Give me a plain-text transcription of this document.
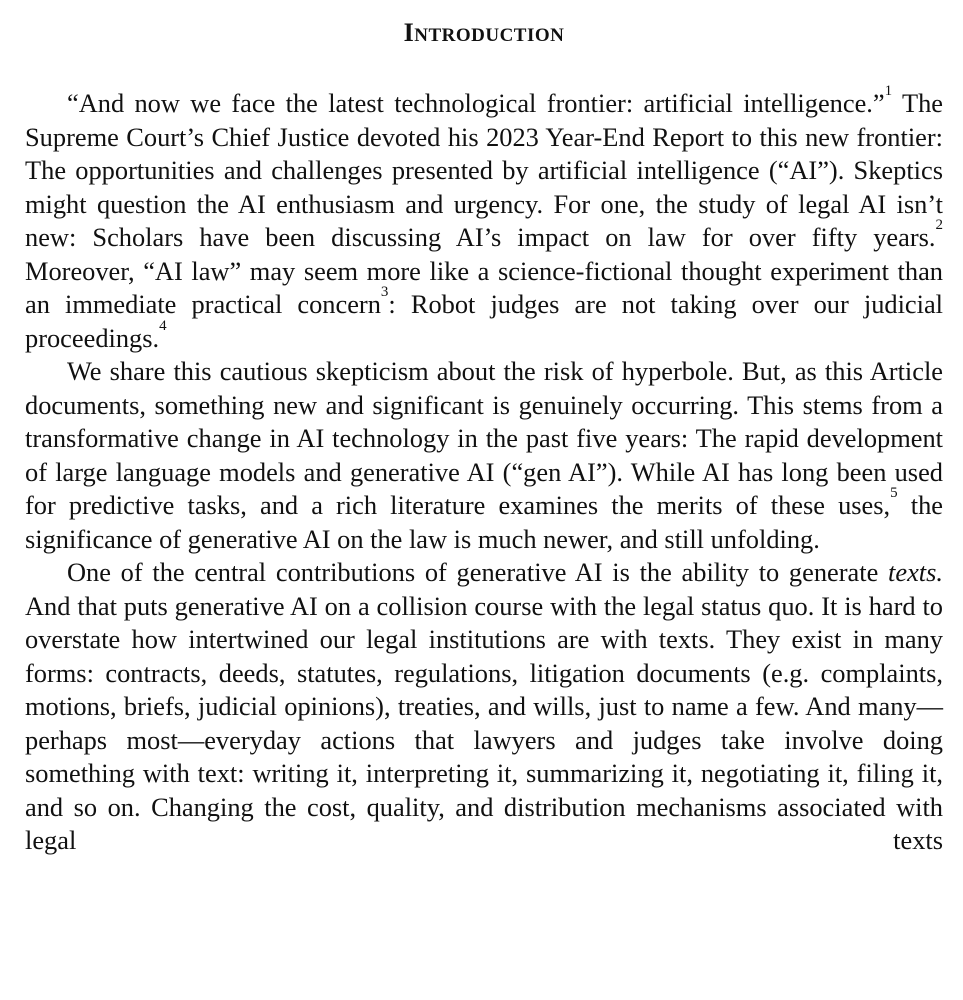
INTRODUCTION

“And now we face the latest technological frontier: artificial intelligence.”$^1$ The Supreme Court’s Chief Justice devoted his 2023 Year-End Report to this new frontier: The opportunities and challenges presented by artificial intelligence (“AI”). Skeptics might question the AI enthusiasm and urgency. For one, the study of legal AI isn’t new: Scholars have been discussing AI’s impact on law for over fifty years.$^2$ Moreover, “AI law” may seem more like a science-fictional thought experiment than an immediate practical concern$^3$: Robot judges are not taking over our judicial proceedings.$^4$

We share this cautious skepticism about the risk of hyperbole. But, as this Article documents, something new and significant is genuinely occurring. This stems from a transformative change in AI technology in the past five years: The rapid development of large language models and generative AI (“gen AI”). While AI has long been used for predictive tasks, and a rich literature examines the merits of these uses,$^5$ the significance of generative AI on the law is much newer, and still unfolding.

One of the central contributions of generative AI is the ability to generate texts. And that puts generative AI on a collision course with the legal status quo. It is hard to overstate how intertwined our legal institutions are with texts. They exist in many forms: contracts, deeds, statutes, regulations, litigation documents (e.g. complaints, motions, briefs, judicial opinions), treaties, and wills, just to name a few. And many—perhaps most—everyday actions that lawyers and judges take involve doing something with text: writing it, interpreting it, summarizing it, negotiating it, filing it, and so on. Changing the cost, quality, and distribution mechanisms associated with legal texts
